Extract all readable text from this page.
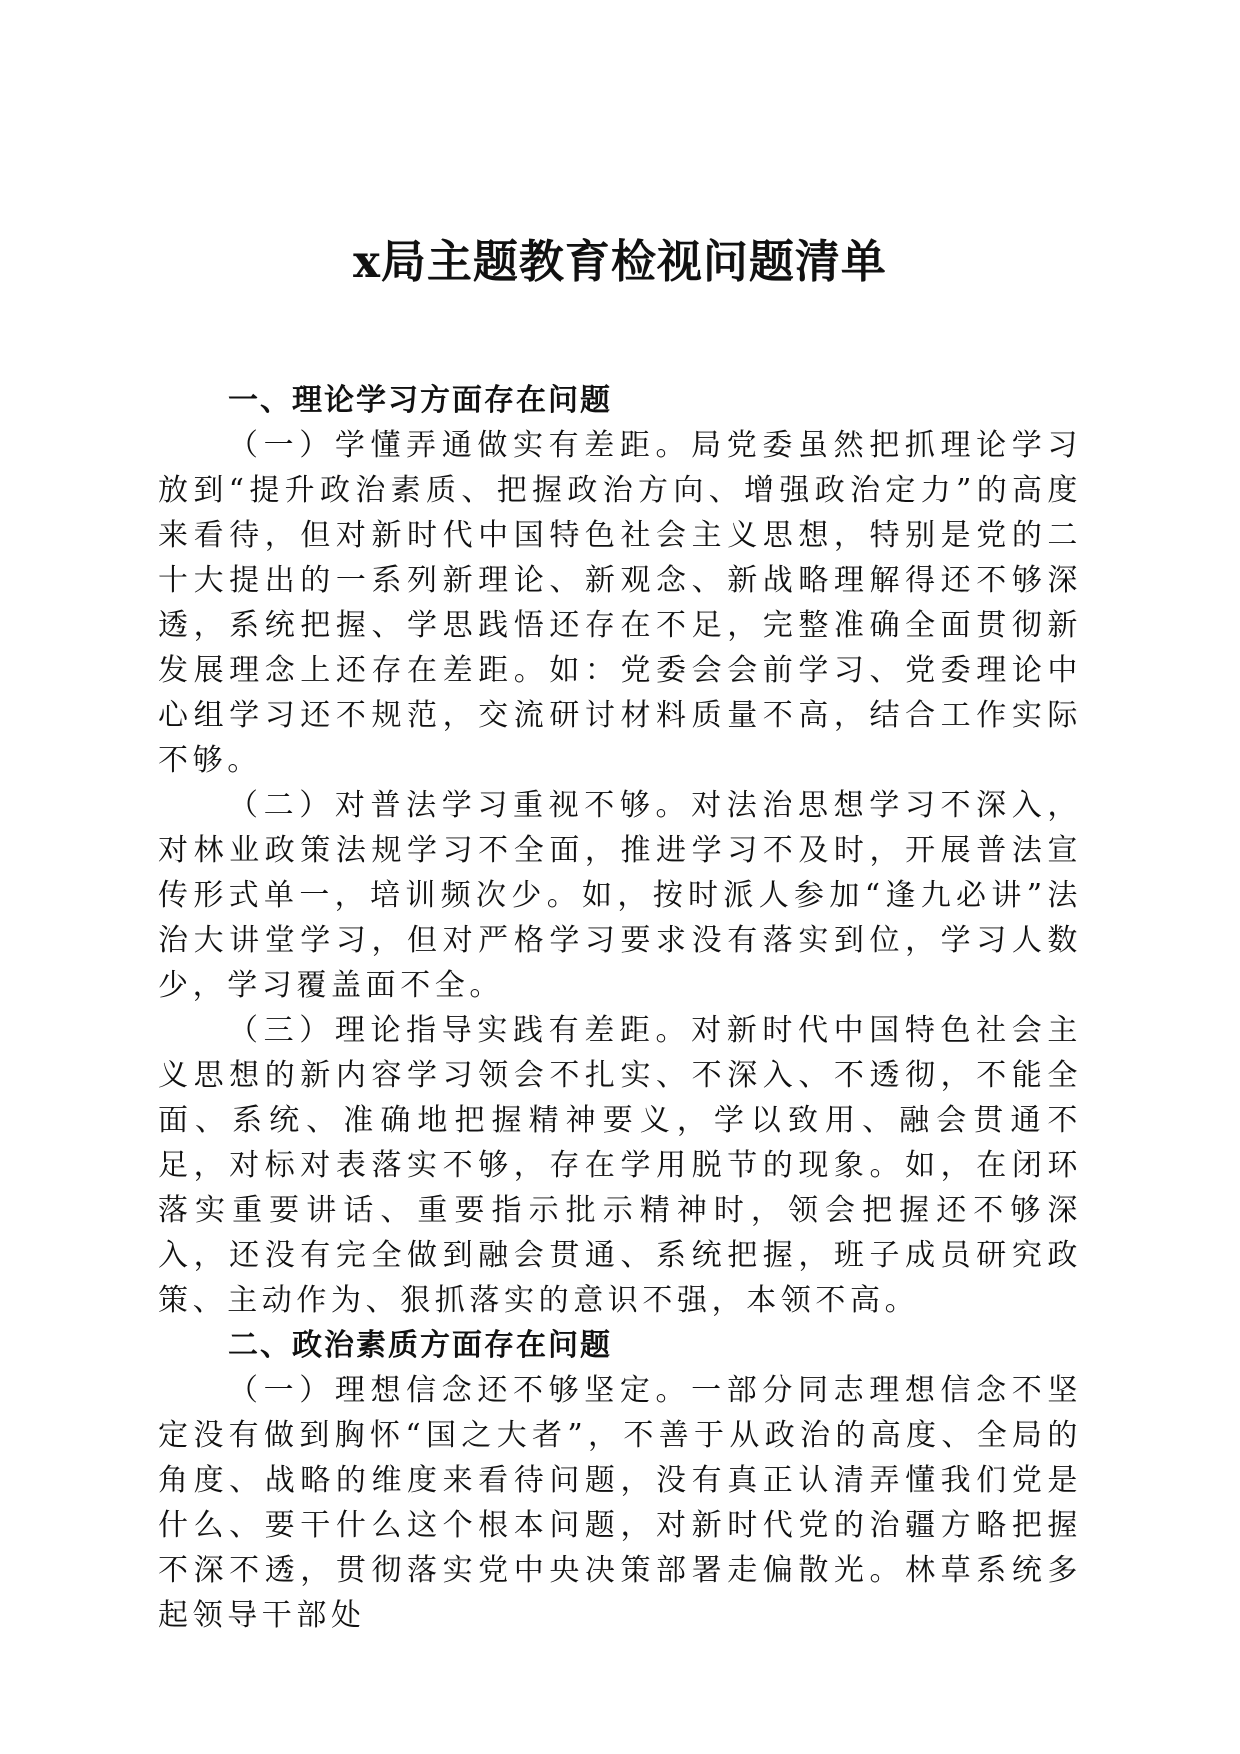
x局主题教育检视问题清单
一、理论学习方面存在问题

（一）学懂弄通做实有差距。局党委虽然把抓理论学习放到“提升政治素质、把握政治方向、增强政治定力”的高度来看待，但对新时代中国特色社会主义思想，特别是党的二十大提出的一系列新理论、新观念、新战略理解得还不够深透，系统把握、学思践悟还存在不足，完整准确全面贯彻新发展理念上还存在差距。如：党委会会前学习、党委理论中心组学习还不规范，交流研讨材料质量不高，结合工作实际不够。

（二）对普法学习重视不够。对法治思想学习不深入，对林业政策法规学习不全面，推进学习不及时，开展普法宣传形式单一，培训频次少。如，按时派人参加“逢九必讲”法治大讲堂学习，但对严格学习要求没有落实到位，学习人数少，学习覆盖面不全。

（三）理论指导实践有差距。对新时代中国特色社会主义思想的新内容学习领会不扎实、不深入、不透彻，不能全面、系统、准确地把握精神要义，学以致用、融会贯通不足，对标对表落实不够，存在学用脱节的现象。如，在闭环落实重要讲话、重要指示批示精神时，领会把握还不够深入，还没有完全做到融会贯通、系统把握，班子成员研究政策、主动作为、狠抓落实的意识不强，本领不高。

二、政治素质方面存在问题

（一）理想信念还不够坚定。一部分同志理想信念不坚定没有做到胸怀“国之大者”，不善于从政治的高度、全局的角度、战略的维度来看待问题，没有真正认清弄懂我们党是什么、要干什么这个根本问题，对新时代党的治疆方略把握不深不透，贯彻落实党中央决策部署走偏散光。林草系统多起领导干部处
